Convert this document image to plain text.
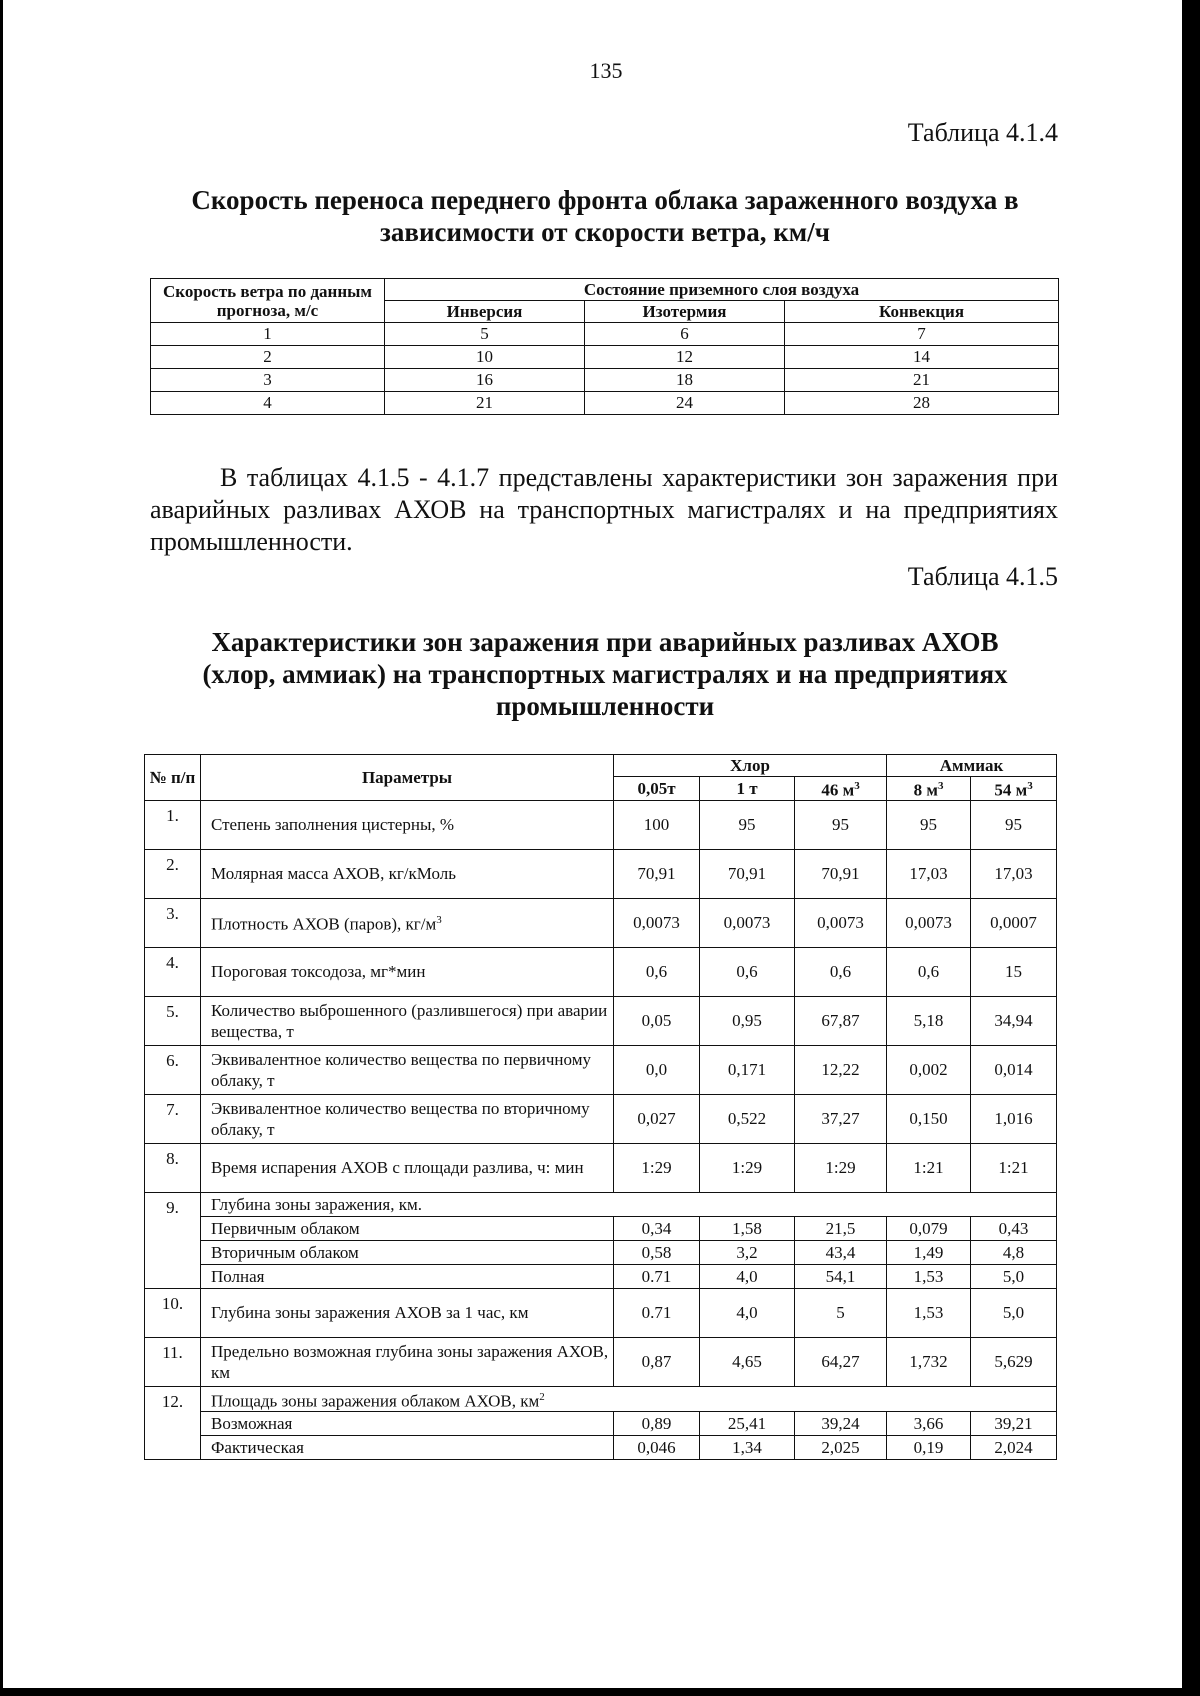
135
Таблица 4.1.4
Скорость переноса переднего фронта облака зараженного воздуха в
зависимости от скорости ветра, км/ч
Скорость ветра по данным прогноза, м/с	Состояние приземного слоя воздуха		
	Инверсия	Изотермия	Конвекция
1	5	6	7
2	10	12	14
3	16	18	21
4	21	24	28
В таблицах 4.1.5 - 4.1.7 представлены характеристики зон заражения при аварийных разливах АХОВ на транспортных магистралях и на предприятиях промышленности.
Таблица 4.1.5
Характеристики зон заражения при аварийных разливах АХОВ
(хлор, аммиак) на транспортных магистралях и на предприятиях
промышленности
№ п/п	Параметры	Хлор			Аммиак	
		0,05т	1 т	46 $м^3$	8 $м^3$	54 $м^3$
1.	Степень заполнения цистерны, %	100	95	95	95	95
2.	Молярная масса АХОВ, кг/кМоль	70,91	70,91	70,91	17,03	17,03
3.	Плотность АХОВ (паров), $кг/м^3$	0,0073	0,0073	0,0073	0,0073	0,0007
4.	Пороговая токсодоза, мг*мин	0,6	0,6	0,6	0,6	15
5.	Количество выброшенного (разлившегося) при аварии вещества, т	0,05	0,95	67,87	5,18	34,94
6.	Эквивалентное количество вещества по первичному облаку, т	0,0	0,171	12,22	0,002	0,014
7.	Эквивалентное количество вещества по вторичному облаку, т	0,027	0,522	37,27	0,150	1,016
8.	Время испарения АХОВ с площади разлива, ч: мин	1:29	1:29	1:29	1:21	1:21
9.	Глубина зоны заражения, км.					
	Первичным облаком	0,34	1,58	21,5	0,079	0,43
	Вторичным облаком	0,58	3,2	43,4	1,49	4,8
	Полная	0.71	4,0	54,1	1,53	5,0
10.	Глубина зоны заражения АХОВ за 1 час, км	0.71	4,0	5	1,53	5,0
11.	Предельно возможная глубина зоны заражения АХОВ, км	0,87	4,65	64,27	1,732	5,629
12.	Площадь зоны заражения облаком АХОВ, $км^2$
	Возможная	0,89	25,41	39,24	3,66	39,21
	Фактическая	0,046	1,34	2,025	0,19	2,024
